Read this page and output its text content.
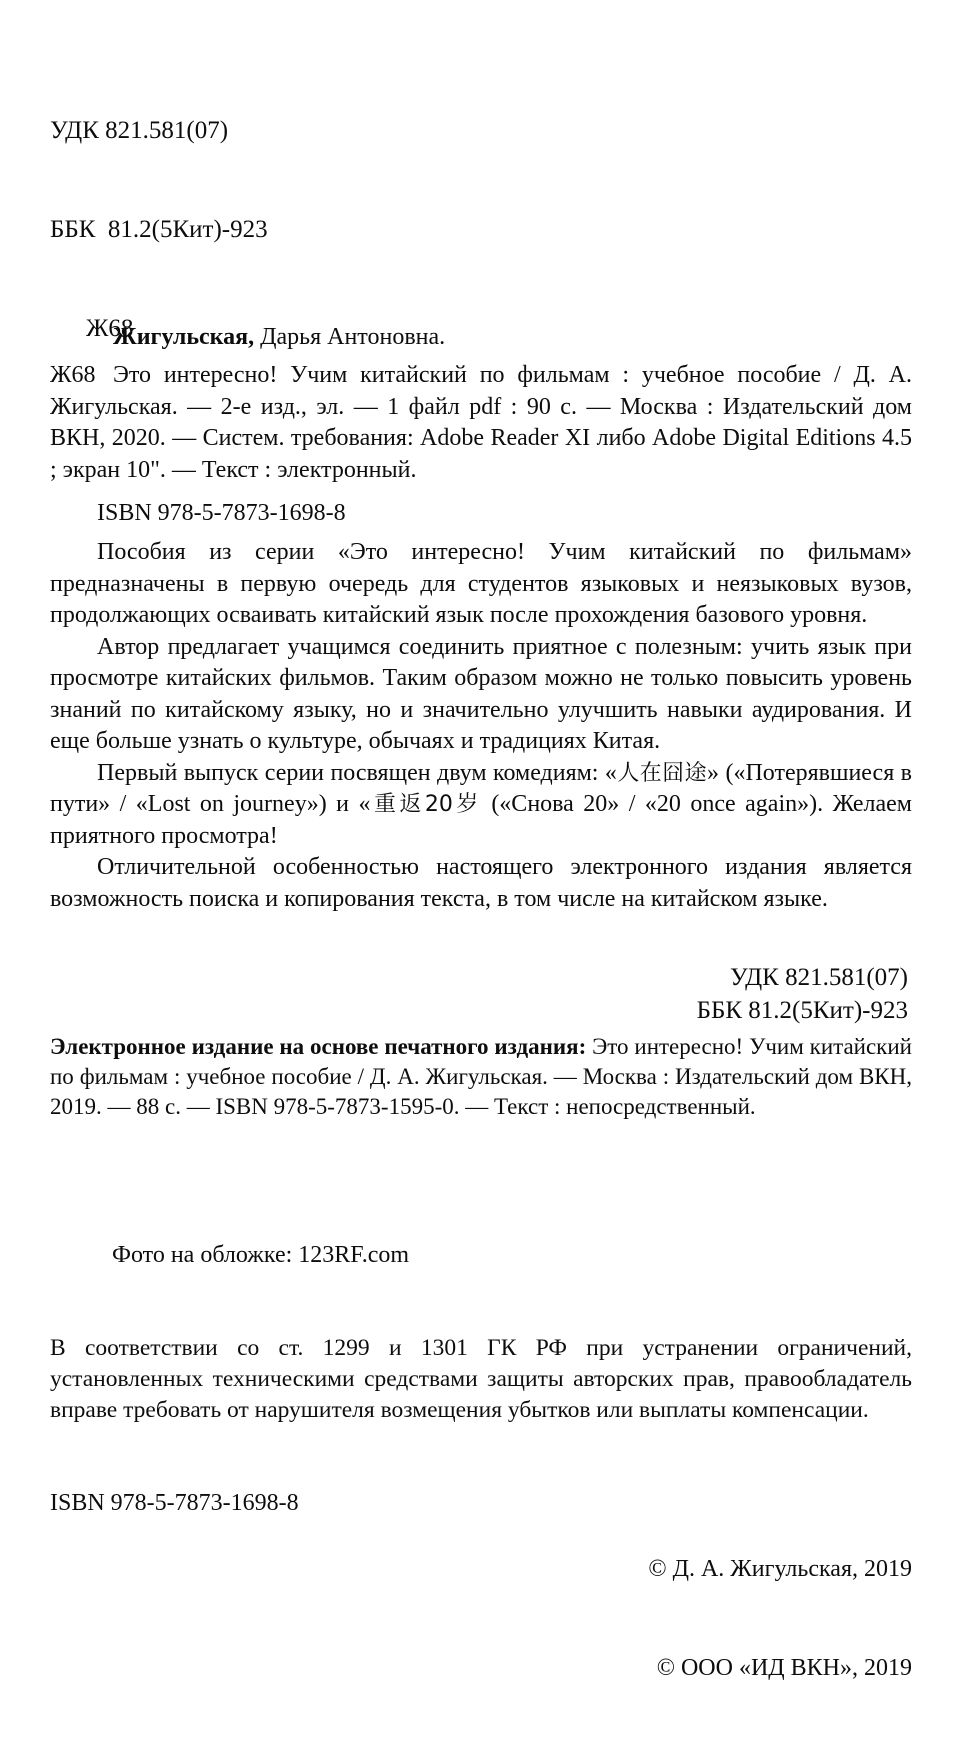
УДК 821.581(07)

ББК  81.2(5Кит)-923

Ж68

Жигульская, Дарья Антоновна.
Ж68 Это интересно! Учим китайский по фильмам : учебное пособие / Д. А. Жигульская. — 2-е изд., эл. — 1 файл pdf : 90 с. — Москва : Издательский дом ВКН, 2020. — Систем. требования: Adobe Reader XI либо Adobe Digital Editions 4.5 ; экран 10". — Текст : электронный.
ISBN 978-5-7873-1698-8
Пособия из серии «Это интересно! Учим китайский по фильмам» предназначены в первую очередь для студентов языковых и неязыковых вузов, продолжающих осваивать китайский язык после прохождения базового уровня.
Автор предлагает учащимся соединить приятное с полезным: учить язык при просмотре китайских фильмов. Таким образом можно не только повысить уровень знаний по китайскому языку, но и значительно улучшить навыки аудирования. И еще больше узнать о культуре, обычаях и традициях Китая.
Первый выпуск серии посвящен двум комедиям: «人在囧途» («Потерявшиеся в пути» / «Lost on journey») и «重返20岁 («Снова 20» / «20 once again»). Желаем приятного просмотра!
Отличительной особенностью настоящего электронного издания является возможность поиска и копирования текста, в том числе на китайском языке.

УДК 821.581(07)
ББК 81.2(5Кит)-923

Электронное издание на основе печатного издания: Это интересно! Учим китайский по фильмам : учебное пособие / Д. А. Жигульская. — Москва : Издательский дом ВКН, 2019. — 88 с. — ISBN 978-5-7873-1595-0. — Текст : непосредственный.
Фото на обложке: 123RF.com
В соответствии со ст. 1299 и 1301 ГК РФ при устранении ограничений, установленных техническими средствами защиты авторских прав, правообладатель вправе требовать от нарушителя возмещения убытков или выплаты компенсации.
ISBN 978-5-7873-1698-8

© Д. А. Жигульская, 2019

© ООО «ИД ВКН», 2019
